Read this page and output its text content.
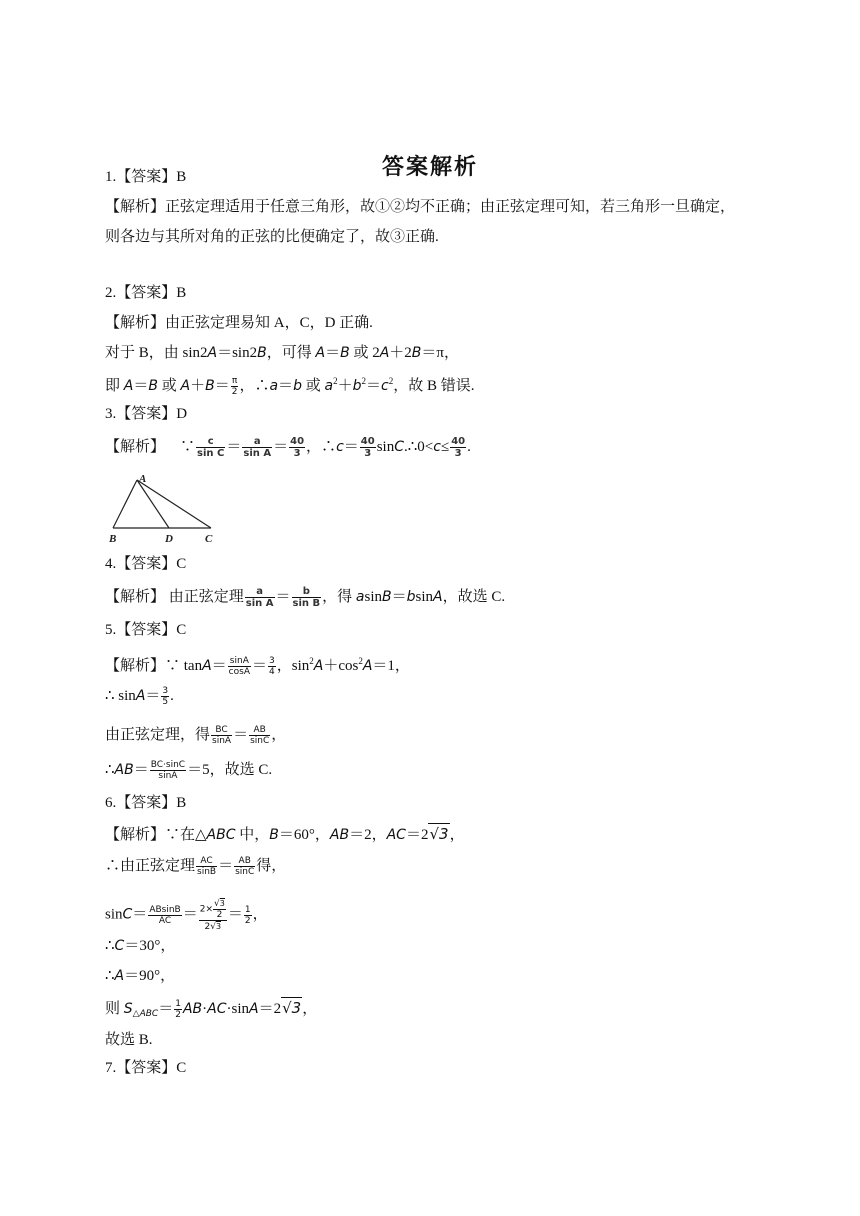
答案解析
1.【答案】B
【解析】正弦定理适用于任意三角形，故①②均不正确；由正弦定理可知，若三角形一旦确定，
则各边与其所对角的正弦的比便确定了，故③正确.
2.【答案】B
【解析】由正弦定理易知 A，C，D 正确.
对于 B，由 sin2A＝sin2B，可得 A＝B 或 2A＋2B＝π，
即 A＝B 或 $A+B= \frac{\pi}{2}$ ，∴a＝b 或 $a^2+b^2=c^2$，故 B 错误.
3.【答案】D
【解析】 ∵ $\frac{c}{\text{sin C}} = \frac{a}{\text{sin A}} = \frac{40}{3}$ ，∴c＝ $\frac{40}{3}$ sinC.∴0<c≤ $\frac{40}{3}$ .
A
B	D	C
4.【答案】C
【解析】 由正弦定理 $\frac{a}{\text{sin A}} = \frac{b}{\text{sin B}}$ ，得 asinB＝bsinA，故选 C.
5.【答案】C
【解析】∵ $\tan A= \frac{\sin A}{\cos A} = \frac{3}{4}$ ，$\sin^2A+\cos^2A=1$，
∴ $\sin A= \frac{3}{5}$ .
由正弦定理，得 $\frac{BC}{\sin A} = \frac{AB}{\sin C}$ ，
∴AB＝ $\frac{BC\cdot\sin C}{\sin A} =5$，故选 C.
6.【答案】B
【解析】∵在△ABC 中，B＝60°，AB＝2，AC＝2√3，
∴由正弦定理 $\frac{AC}{\sin B} = \frac{AB}{\sin C}$ 得，
$\sin C= \frac{ABsinB}{AC} = \frac{2\times \frac{√3}{2}}{2√3} = \frac{1}{2}$ ，
∴C＝30°，
∴A＝90°，
则 $S_{\triangle ABC}= \frac{1}{2} AB\cdot AC\cdot\sin A=2√3$，
故选 B.
7.【答案】C
